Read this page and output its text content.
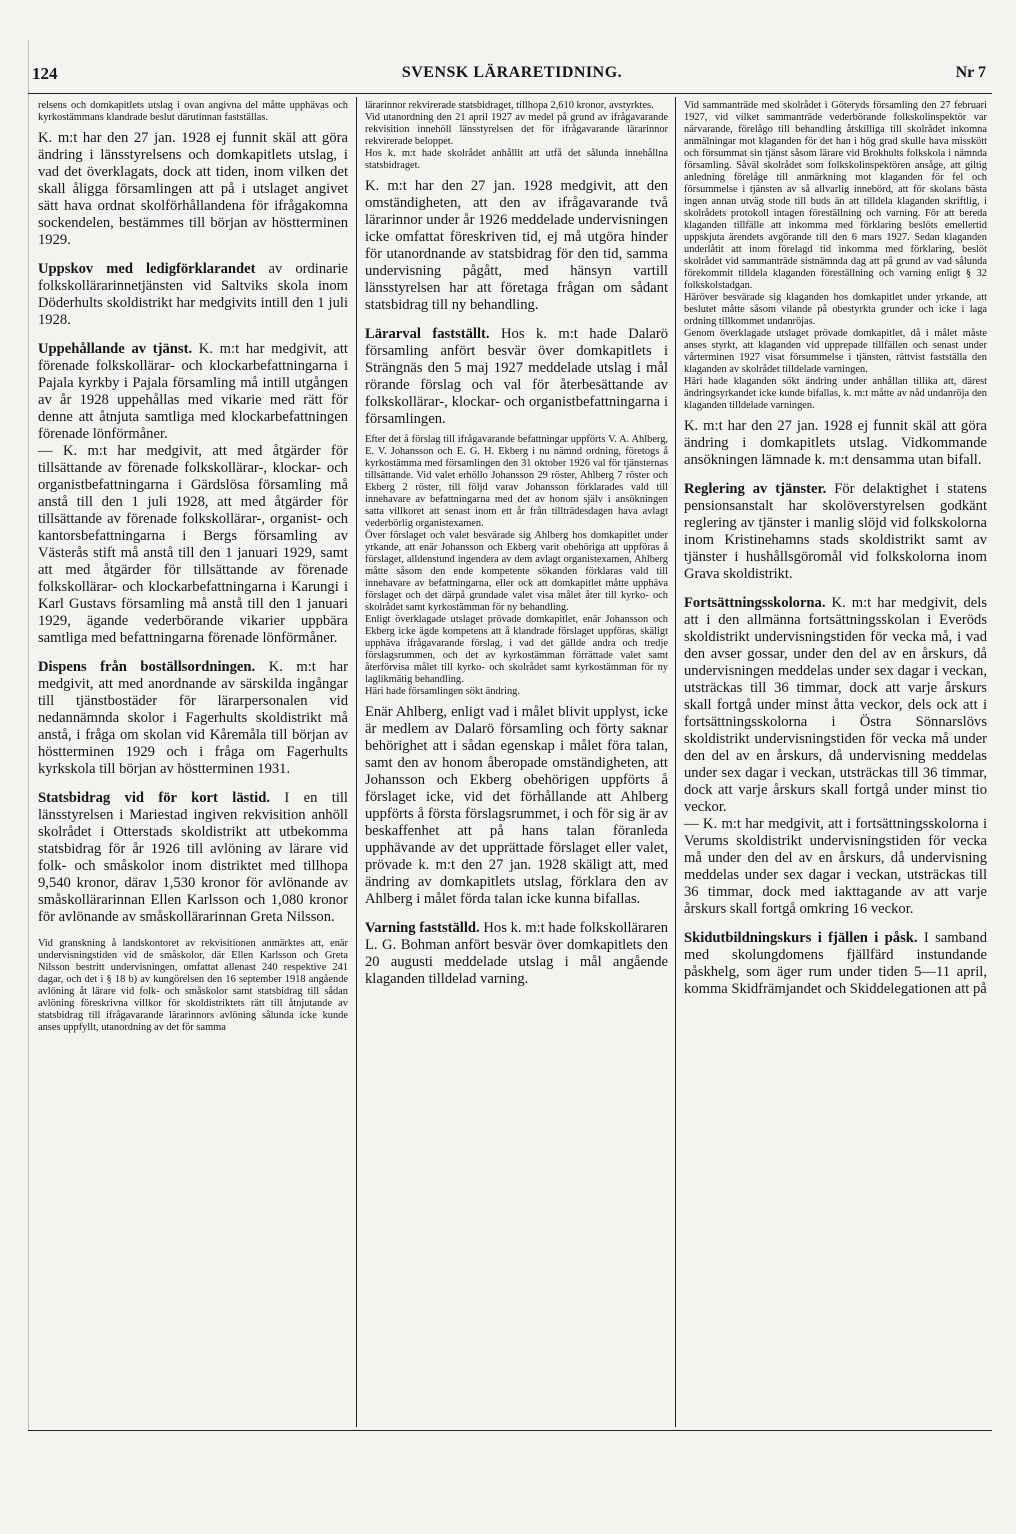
124	SVENSK LÄRARETIDNING.	Nr 7

relsens och domkapitlets utslag i ovan angivna del måtte upphävas och kyrkostämmans klandrade beslut därutinnan fastställas.

K. m:t har den 27 jan. 1928 ej funnit skäl att göra ändring i länsstyrelsens och domkapitlets utslag, i vad det överklagats, dock att tiden, inom vilken det skall åligga församlingen att på i utslaget angivet sätt hava ordnat skolförhållandena för ifrågakomna sockendelen, bestämmes till början av höstterminen 1929.

Uppskov med ledigförklarandet av ordinarie folkskollärarinnetjänsten vid Saltviks skola inom Döderhults skoldistrikt har medgivits intill den 1 juli 1928.

Uppehållande av tjänst. K. m:t har medgivit, att förenade folkskollärar- och klockarbefattningarna i Pajala kyrkby i Pajala församling må intill utgången av år 1928 uppehållas med vikarie med rätt för denne att åtnjuta samtliga med klockarbefattningen förenade lönförmåner.

— K. m:t har medgivit, att med åtgärder för tillsättande av förenade folkskollärar-, klockar- och organistbefattningarna i Gärdslösa församling må anstå till den 1 juli 1928, att med åtgärder för tillsättande av förenade folkskollärar-, organist- och kantorsbefattningarna i Bergs församling av Västerås stift må anstå till den 1 januari 1929, samt att med åtgärder för tillsättande av förenade folkskollärar- och klockarbefattningarna i Karungi i Karl Gustavs församling må anstå till den 1 januari 1929, ägande vederbörande vikarier uppbära samtliga med befattningarna förenade lönförmåner.

Dispens från boställsordningen. K. m:t har medgivit, att med anordnande av särskilda ingångar till tjänstbostäder för lärarpersonalen vid nedannämnda skolor i Fagerhults skoldistrikt må anstå, i fråga om skolan vid Kåremåla till början av höstterminen 1929 och i fråga om Fagerhults kyrkskola till början av höstterminen 1931.

Statsbidrag vid för kort lästid. I en till länsstyrelsen i Mariestad ingiven rekvisition anhöll skolrådet i Otterstads skoldistrikt att utbekomma statsbidrag för år 1926 till avlöning av lärare vid folk- och småskolor inom distriktet med tillhopa 9,540 kronor, därav 1,530 kronor för avlönande av småskollärarinnan Ellen Karlsson och 1,080 kronor för avlönande av småskollärarinnan Greta Nilsson.

Vid granskning å landskontoret av rekvisitionen anmärktes att, enär undervisningstiden vid de småskolor, där Ellen Karlsson och Greta Nilsson bestritt undervisningen, omfattat allenast 240 respektive 241 dagar, och det i § 18 b) av kungörelsen den 16 september 1918 angående avlöning åt lärare vid folk- och småskolor samt statsbidrag till sådan avlöning föreskrivna villkor för skoldistriktets rätt till åtnjutande av statsbidrag till ifrågavarande lärarinnors avlöning sålunda icke kunde anses uppfyllt, utanordning av det för samma

lärarinnor rekvirerade statsbidraget, tillhopa 2,610 kronor, avstyrktes.

Vid utanordning den 21 april 1927 av medel på grund av ifrågavarande rekvisition innehöll länsstyrelsen det för ifrågavarande lärarinnor rekvirerade beloppet.

Hos k. m:t hade skolrådet anhållit att utfå det sålunda innehållna statsbidraget.

K. m:t har den 27 jan. 1928 medgivit, att den omständigheten, att den av ifrågavarande två lärarinnor under år 1926 meddelade undervisningen icke omfattat föreskriven tid, ej må utgöra hinder för utanordnande av statsbidrag för den tid, samma undervisning pågått, med hänsyn vartill länsstyrelsen har att företaga frågan om sådant statsbidrag till ny behandling.

Lärarval fastställt. Hos k. m:t hade Dalarö församling anfört besvär över domkapitlets i Strängnäs den 5 maj 1927 meddelade utslag i mål rörande förslag och val för återbesättande av folkskollärar-, klockar- och organistbefattningarna i församlingen.

Efter det å förslag till ifrågavarande befattningar uppförts V. A. Ahlberg, E. V. Johansson och E. G. H. Ekberg i nu nämnd ordning, företogs å kyrkostämma med församlingen den 31 oktober 1926 val för tjänsternas tillsättande. Vid valet erhöllo Johansson 29 röster, Ahlberg 7 röster och Ekberg 2 röster, till följd varav Johansson förklarades vald till innehavare av befattningarna med det av honom själv i ansökningen satta villkoret att senast inom ett år från tillträdesdagen hava avlagt vederbörlig organistexamen.

Över förslaget och valet besvärade sig Ahlberg hos domkapitlet under yrkande, att enär Johansson och Ekberg varit obehöriga att uppföras å förslaget, alldenstund ingendera av dem avlagt organistexamen, Ahlberg måtte såsom den ende kompetente sökanden förklaras vald till innehavare av befattningarna, eller ock att domkapitlet måtte upphäva förslaget och det därpå grundade valet visa målet åter till kyrko- och skolrådet samt kyrkostämman för ny behandling.

Enligt överklagade utslaget prövade domkapitlet, enär Johansson och Ekberg icke ägde kompetens att å klandrade förslaget uppföras, skäligt upphäva ifrågavarande förslag, i vad det gällde andra och tredje förslagsrummen, och det av kyrkostämman förrättade valet samt återförvisa målet till kyrko- och skolrådet samt kyrkostämman för ny laglikmätig behandling.

Häri hade församlingen sökt ändring.

Enär Ahlberg, enligt vad i målet blivit upplyst, icke är medlem av Dalarö församling och förty saknar behörighet att i sådan egenskap i målet föra talan, samt den av honom åberopade omständigheten, att Johansson och Ekberg obehörigen uppförts å förslaget icke, vid det förhållande att Ahlberg uppförts å första förslagsrummet, i och för sig är av beskaffenhet att på hans talan föranleda upphävande av det upprättade förslaget eller valet, prövade k. m:t den 27 jan. 1928 skäligt att, med ändring av domkapitlets utslag, förklara den av Ahlberg i målet förda talan icke kunna bifallas.

Varning fastställd. Hos k. m:t hade folkskolläraren L. G. Bohman anfört besvär över domkapitlets den 20 augusti meddelade utslag i mål angående klaganden tilldelad varning.

Vid sammanträde med skolrådet i Göteryds församling den 27 februari 1927, vid vilket sammanträde vederbörande folkskolinspektör var närvarande, förelågo till behandling åtskilliga till skolrådet inkomna anmälningar mot klaganden för det han i hög grad skulle hava misskött och försummat sin tjänst såsom lärare vid Brokhults folkskola i nämnda församling. Såväl skolrådet som folkskolinspektören ansåge, att giltig anledning förelåge till anmärkning mot klaganden för fel och försummelse i tjänsten av så allvarlig innebörd, att för skolans bästa ingen annan utväg stode till buds än att tilldela klaganden skriftlig, i skolrådets protokoll intagen föreställning och varning. För att bereda klaganden tillfälle att inkomma med förklaring beslöts emellertid uppskjuta ärendets avgörande till den 6 mars 1927. Sedan klaganden underlåtit att inom förelagd tid inkomma med förklaring, beslöt skolrådet vid sammanträde sistnämnda dag att på grund av vad sålunda förekommit tilldela klaganden föreställning och varning enligt § 32 folkskolstadgan.

Häröver besvärade sig klaganden hos domkapitlet under yrkande, att beslutet måtte såsom vilande på obestyrkta grunder och icke i laga ordning tillkommet undanröjas.

Genom överklagade utslaget prövade domkapitlet, då i målet måste anses styrkt, att klaganden vid upprepade tillfällen och senast under vårterminen 1927 visat försummelse i tjänsten, rättvist fastställa den klaganden av skolrådet tilldelade varningen.

Häri hade klaganden sökt ändring under anhållan tillika att, därest ändringsyrkandet icke kunde bifallas, k. m:t måtte av nåd undanröja den klaganden tilldelade varningen.

K. m:t har den 27 jan. 1928 ej funnit skäl att göra ändring i domkapitlets utslag. Vidkommande ansökningen lämnade k. m:t densamma utan bifall.

Reglering av tjänster. För delaktighet i statens pensionsanstalt har skolöverstyrelsen godkänt reglering av tjänster i manlig slöjd vid folkskolorna inom Kristinehamns stads skoldistrikt samt av tjänster i hushållsgöromål vid folkskolorna inom Grava skoldistrikt.

Fortsättningsskolorna. K. m:t har medgivit, dels att i den allmänna fortsättningsskolan i Everöds skoldistrikt undervisningstiden för vecka må, i vad den avser gossar, under den del av en årskurs, då undervisningen meddelas under sex dagar i veckan, utsträckas till 36 timmar, dock att varje årskurs skall fortgå under minst åtta veckor, dels ock att i fortsättningsskolorna i Östra Sönnarslövs skoldistrikt undervisningstiden för vecka må under den del av en årskurs, då undervisning meddelas under sex dagar i veckan, utsträckas till 36 timmar, dock att varje årskurs skall fortgå under minst tio veckor.

— K. m:t har medgivit, att i fortsättningsskolorna i Verums skoldistrikt undervisningstiden för vecka må under den del av en årskurs, då undervisning meddelas under sex dagar i veckan, utsträckas till 36 timmar, dock med iakttagande av att varje årskurs skall fortgå omkring 16 veckor.

Skidutbildningskurs i fjällen i påsk. I samband med skolungdomens fjällfärd instundande påskhelg, som äger rum under tiden 5—11 april, komma Skidfrämjandet och Skiddelegationen att på
